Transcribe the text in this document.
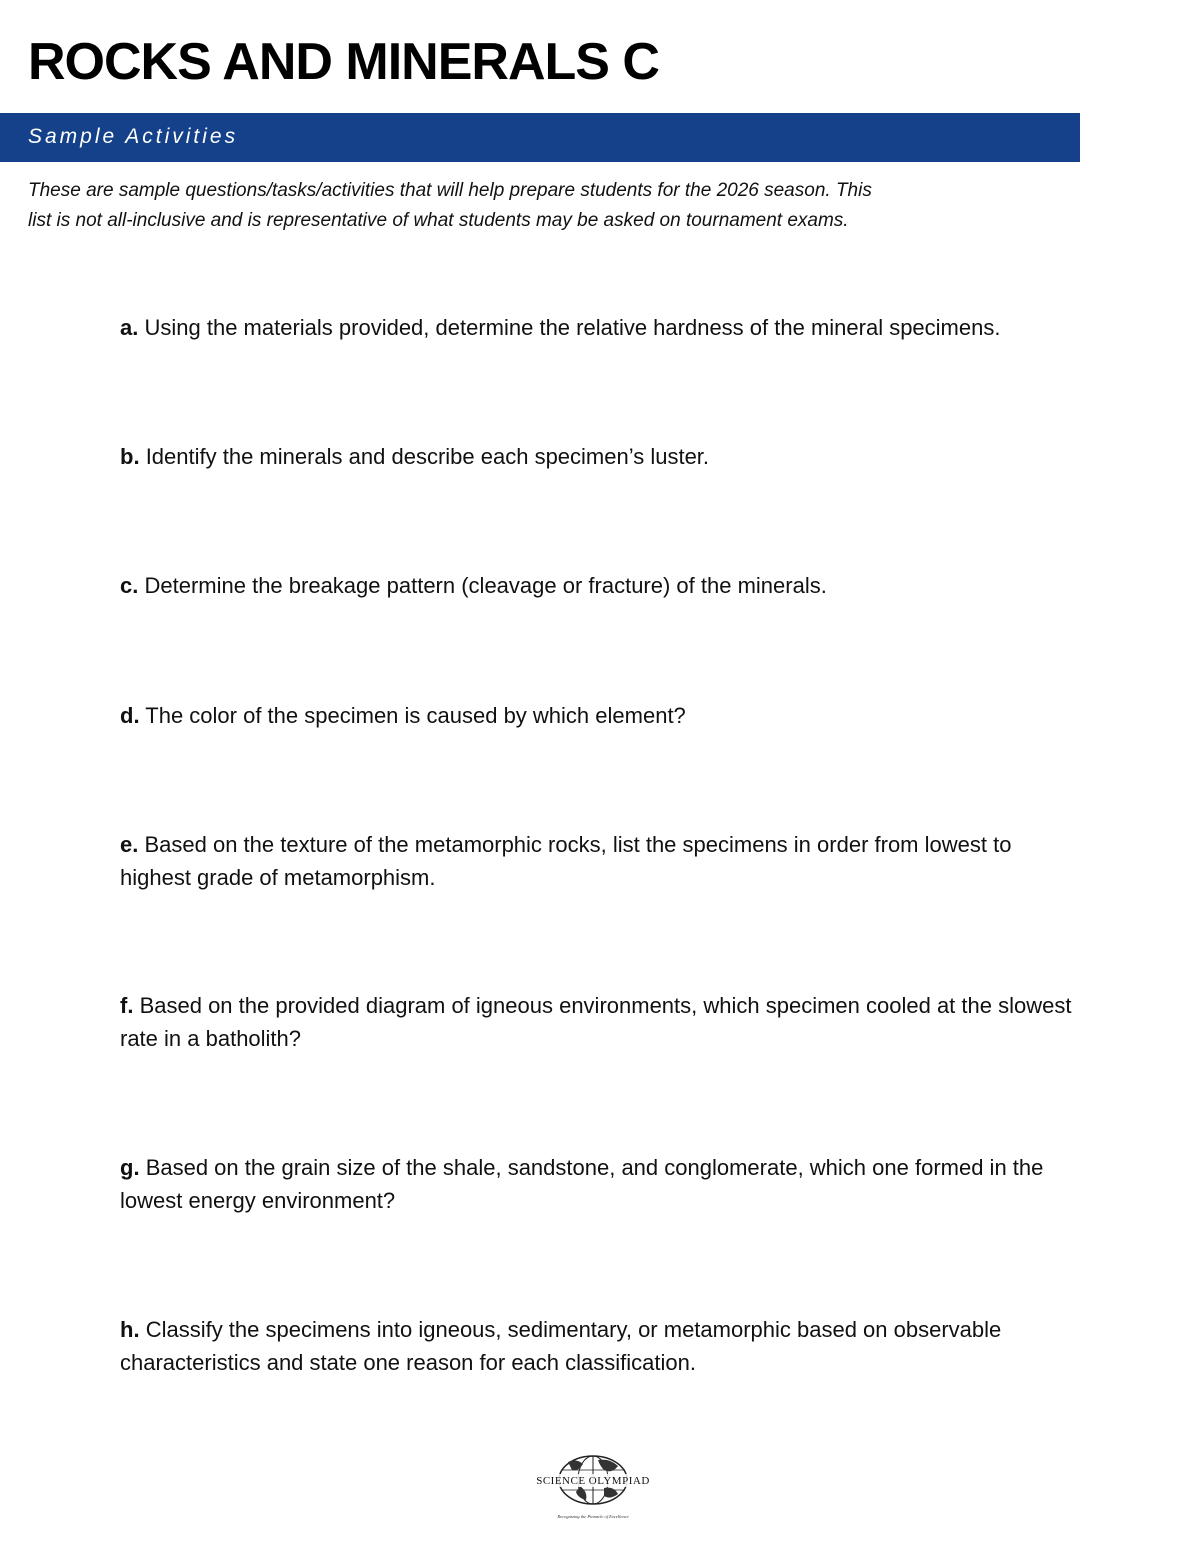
ROCKS AND MINERALS C
Sample Activities

These are sample questions/tasks/activities that will help prepare students for the 2026 season. This list is not all-inclusive and is representative of what students may be asked on tournament exams.

a. Using the materials provided, determine the relative hardness of the mineral specimens.

b. Identify the minerals and describe each specimen’s luster.

c. Determine the breakage pattern (cleavage or fracture) of the minerals.

d. The color of the specimen is caused by which element?

e. Based on the texture of the metamorphic rocks, list the specimens in order from lowest to highest grade of metamorphism.

f. Based on the provided diagram of igneous environments, which specimen cooled at the slowest rate in a batholith?

g. Based on the grain size of the shale, sandstone, and conglomerate, which one formed in the lowest energy environment?

h. Classify the specimens into igneous, sedimentary, or metamorphic based on observable characteristics and state one reason for each classification.

SCIENCE OLYMPIAD
Recognizing the Pinnacle of Excellence
